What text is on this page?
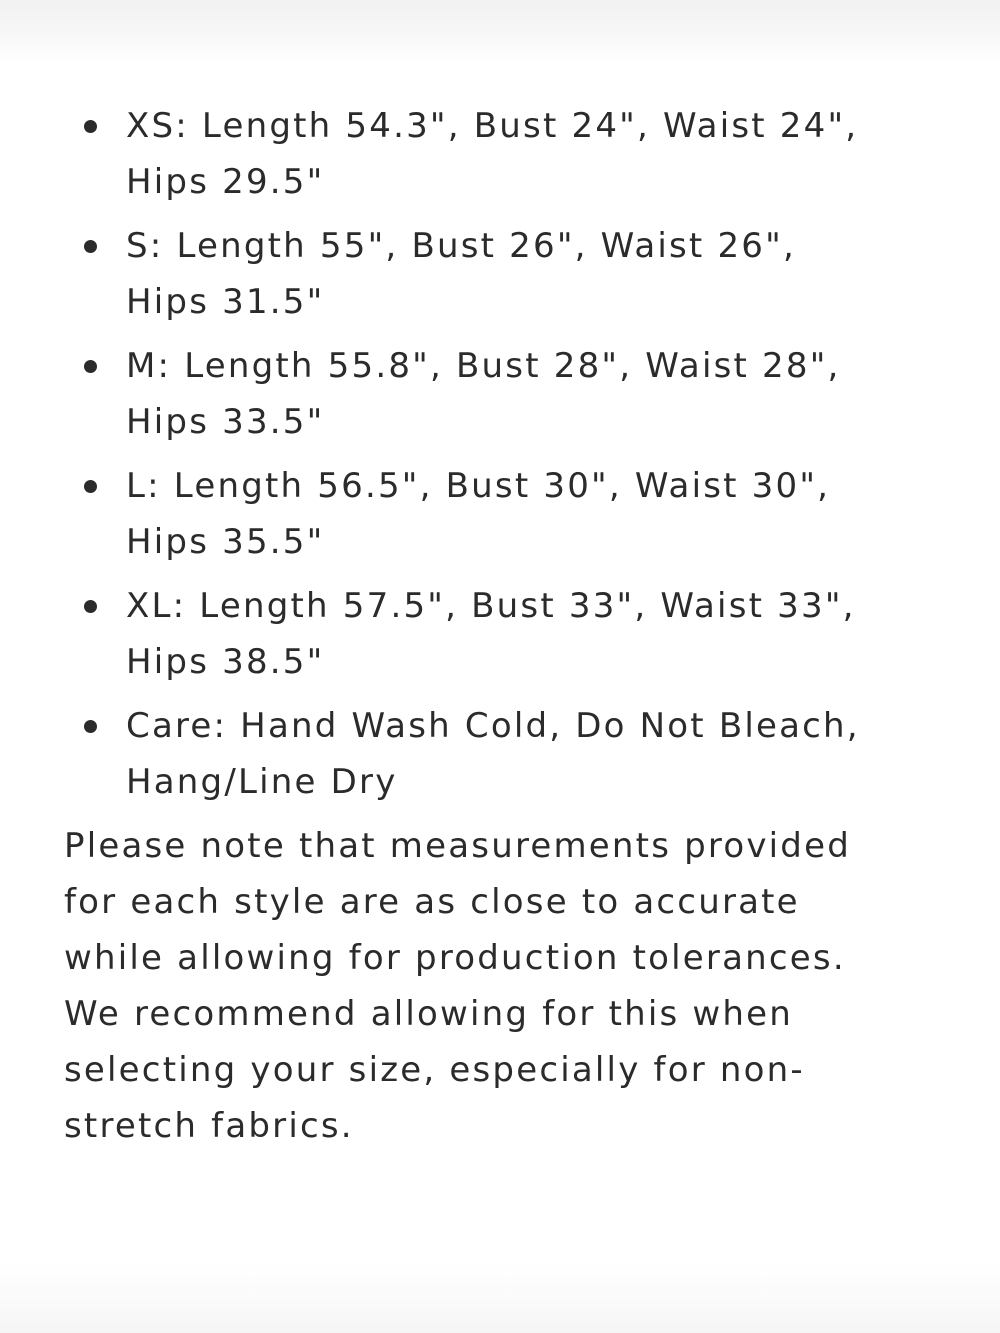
XS: Length 54.3", Bust 24", Waist 24",
Hips 29.5"
S: Length 55", Bust 26", Waist 26",
Hips 31.5"
M: Length 55.8", Bust 28", Waist 28",
Hips 33.5"
L: Length 56.5", Bust 30", Waist 30",
Hips 35.5"
XL: Length 57.5", Bust 33", Waist 33",
Hips 38.5"
Care: Hand Wash Cold, Do Not Bleach,
Hang/Line Dry

Please note that measurements provided
for each style are as close to accurate
while allowing for production tolerances.
We recommend allowing for this when
selecting your size, especially for non-
stretch fabrics.
